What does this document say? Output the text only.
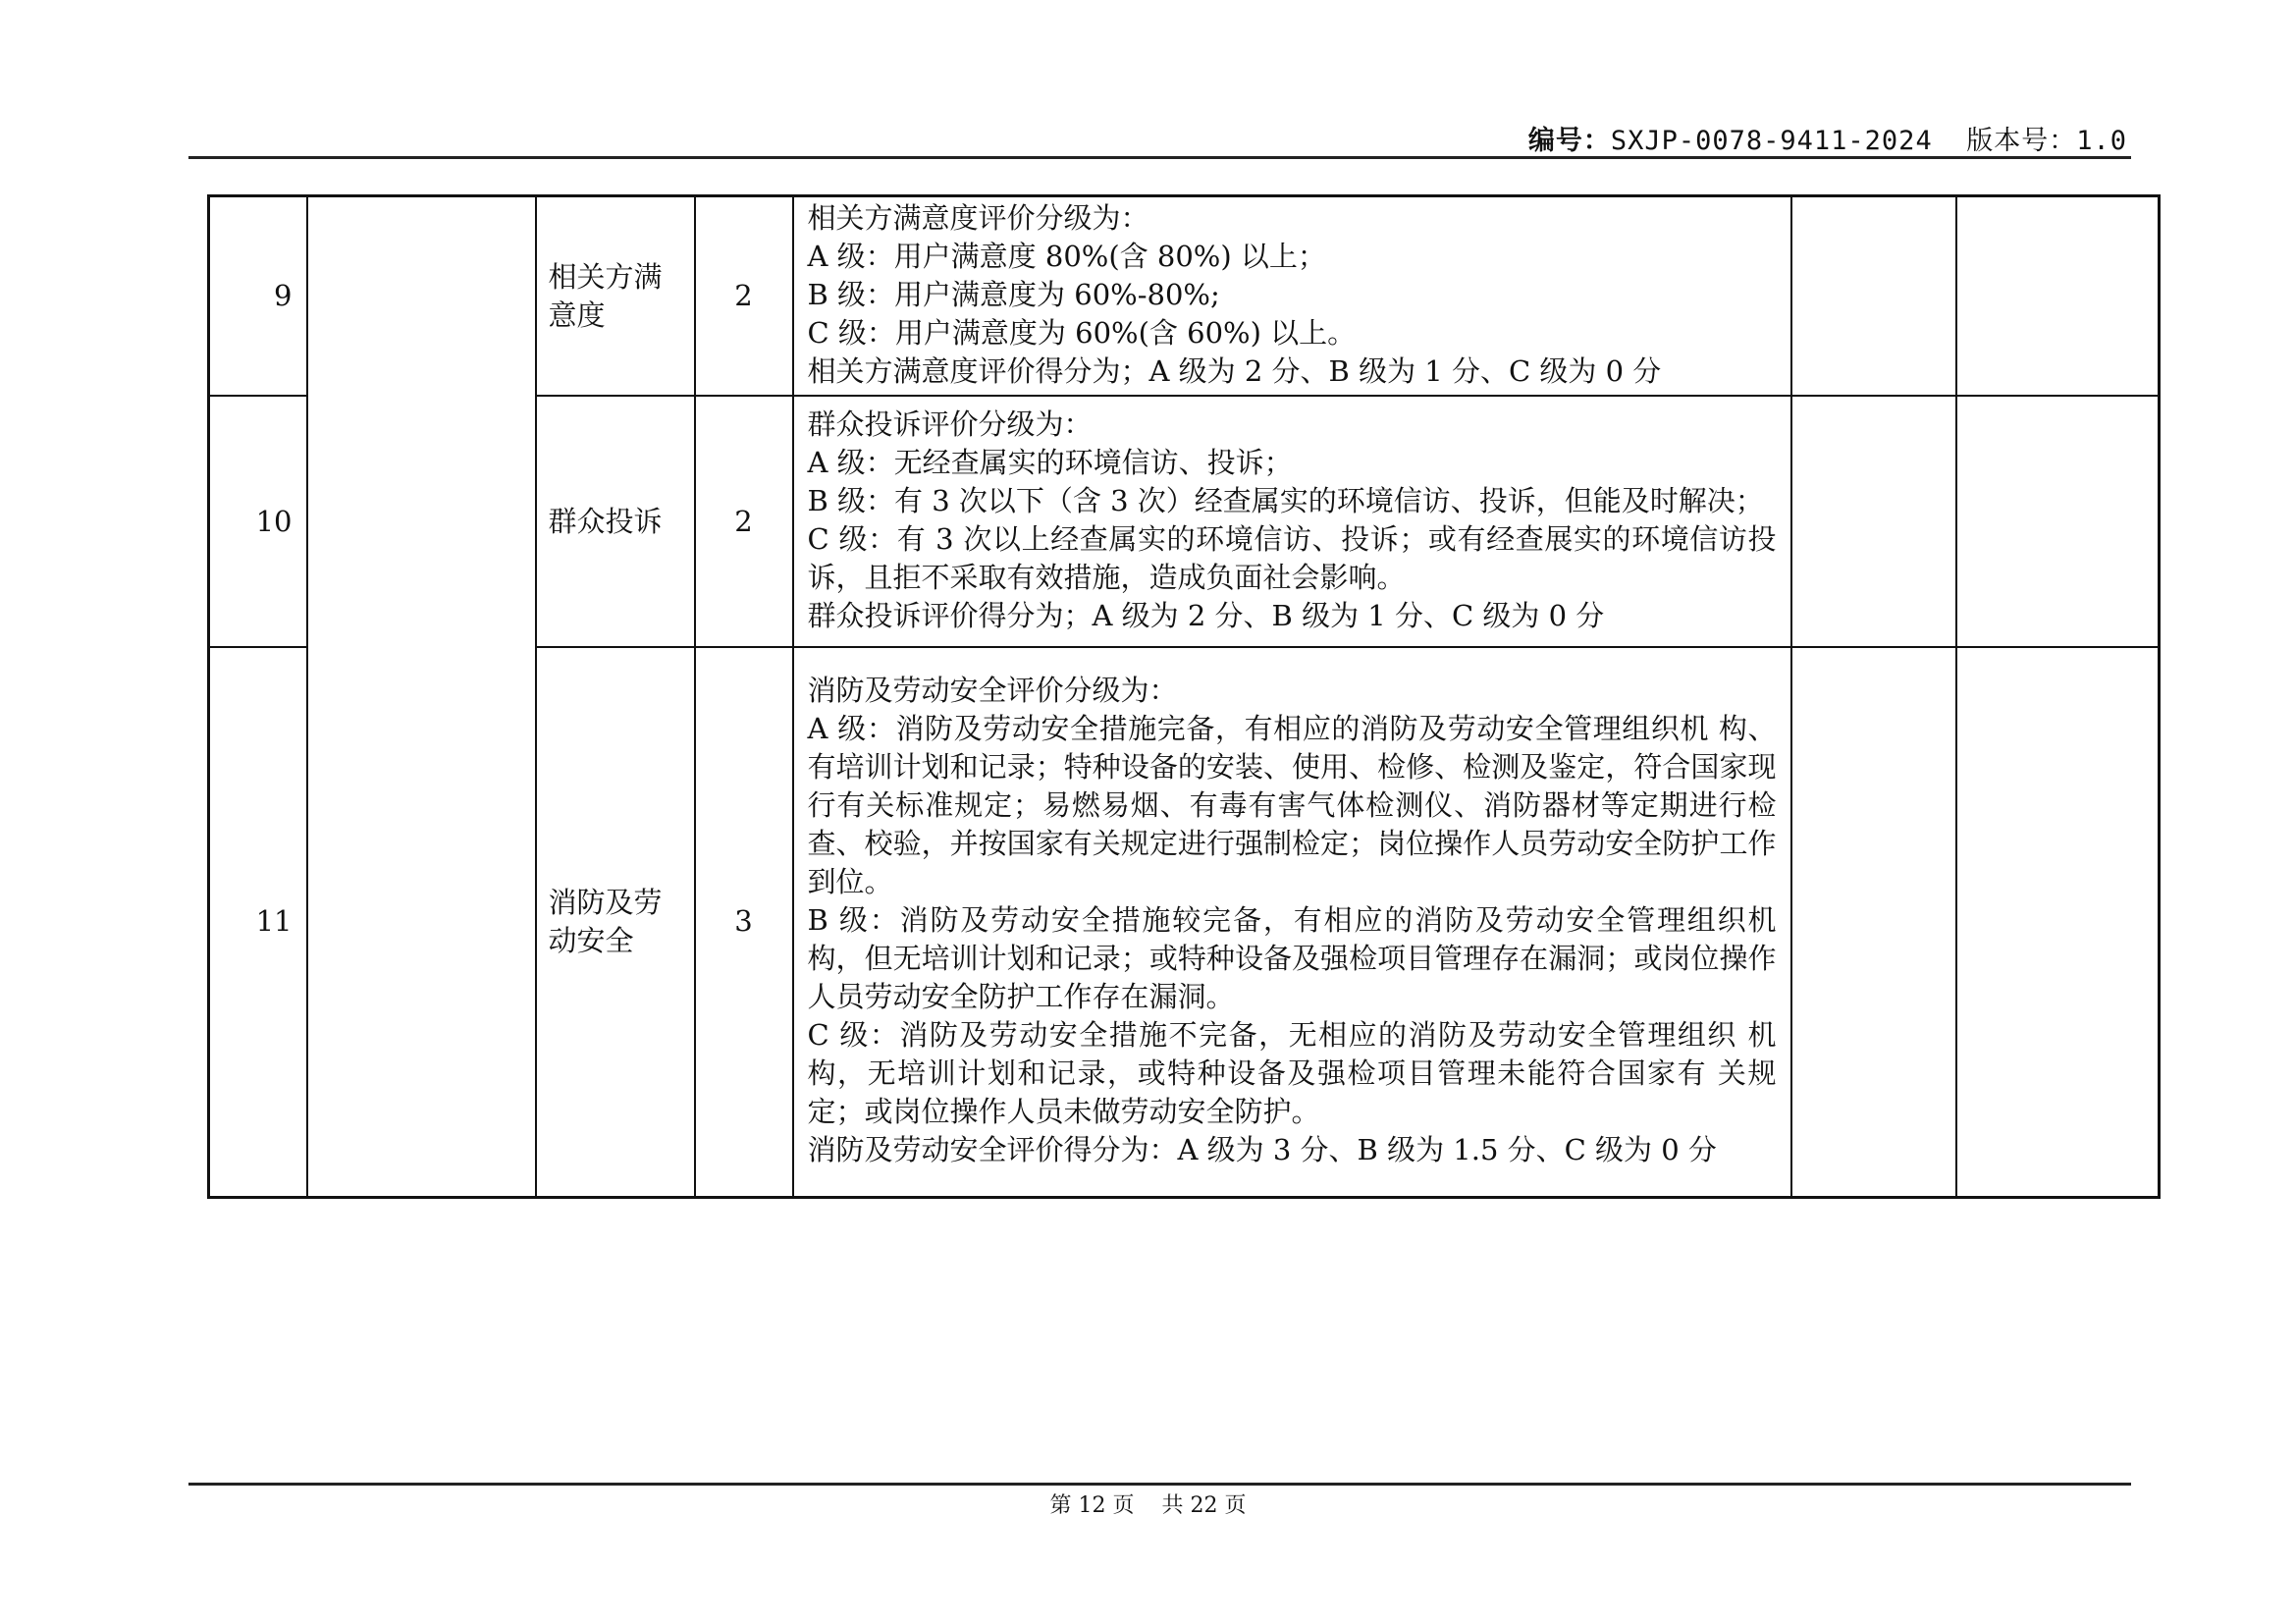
编号：SXJP-0078-9411-2024 版本号：1.0
9		相关方满意度	2	相关方满意度评价分级为：
A 级：用户满意度 80%(含 80%) 以上；
B 级：用户满意度为 60%-80%;
C 级：用户满意度为 60%(含 60%) 以上。
相关方满意度评价得分为；A 级为 2 分、B 级为 1 分、C 级为 0 分		

10		群众投诉	2	群众投诉评价分级为：
A 级：无经查属实的环境信访、投诉；
B 级：有 3 次以下（含 3 次）经查属实的环境信访、投诉，但能及时解决；
C 级：有 3 次以上经查属实的环境信访、投诉；或有经查展实的环境信访投诉，且拒不采取有效措施，造成负面社会影响。
群众投诉评价得分为；A 级为 2 分、B 级为 1 分、C 级为 0 分		

11		消防及劳动安全	3	消防及劳动安全评价分级为：
A 级：消防及劳动安全措施完备，有相应的消防及劳动安全管理组织机 构、有培训计划和记录；特种设备的安装、使用、检修、检测及鉴定，符合国家现行有关标准规定；易燃易烟、有毒有害气体检测仪、消防器材等定期进行检查、校验，并按国家有关规定进行强制检定；岗位操作人员劳动安全防护工作到位。
B 级：消防及劳动安全措施较完备，有相应的消防及劳动安全管理组织机构，但无培训计划和记录；或特种设备及强检项目管理存在漏洞；或岗位操作人员劳动安全防护工作存在漏洞。
C 级：消防及劳动安全措施不完备，无相应的消防及劳动安全管理组织 机构，无培训计划和记录，或特种设备及强检项目管理未能符合国家有 关规定；或岗位操作人员未做劳动安全防护。
消防及劳动安全评价得分为：A 级为 3 分、B 级为 1.5 分、C 级为 0 分		

第 12 页    共 22 页
